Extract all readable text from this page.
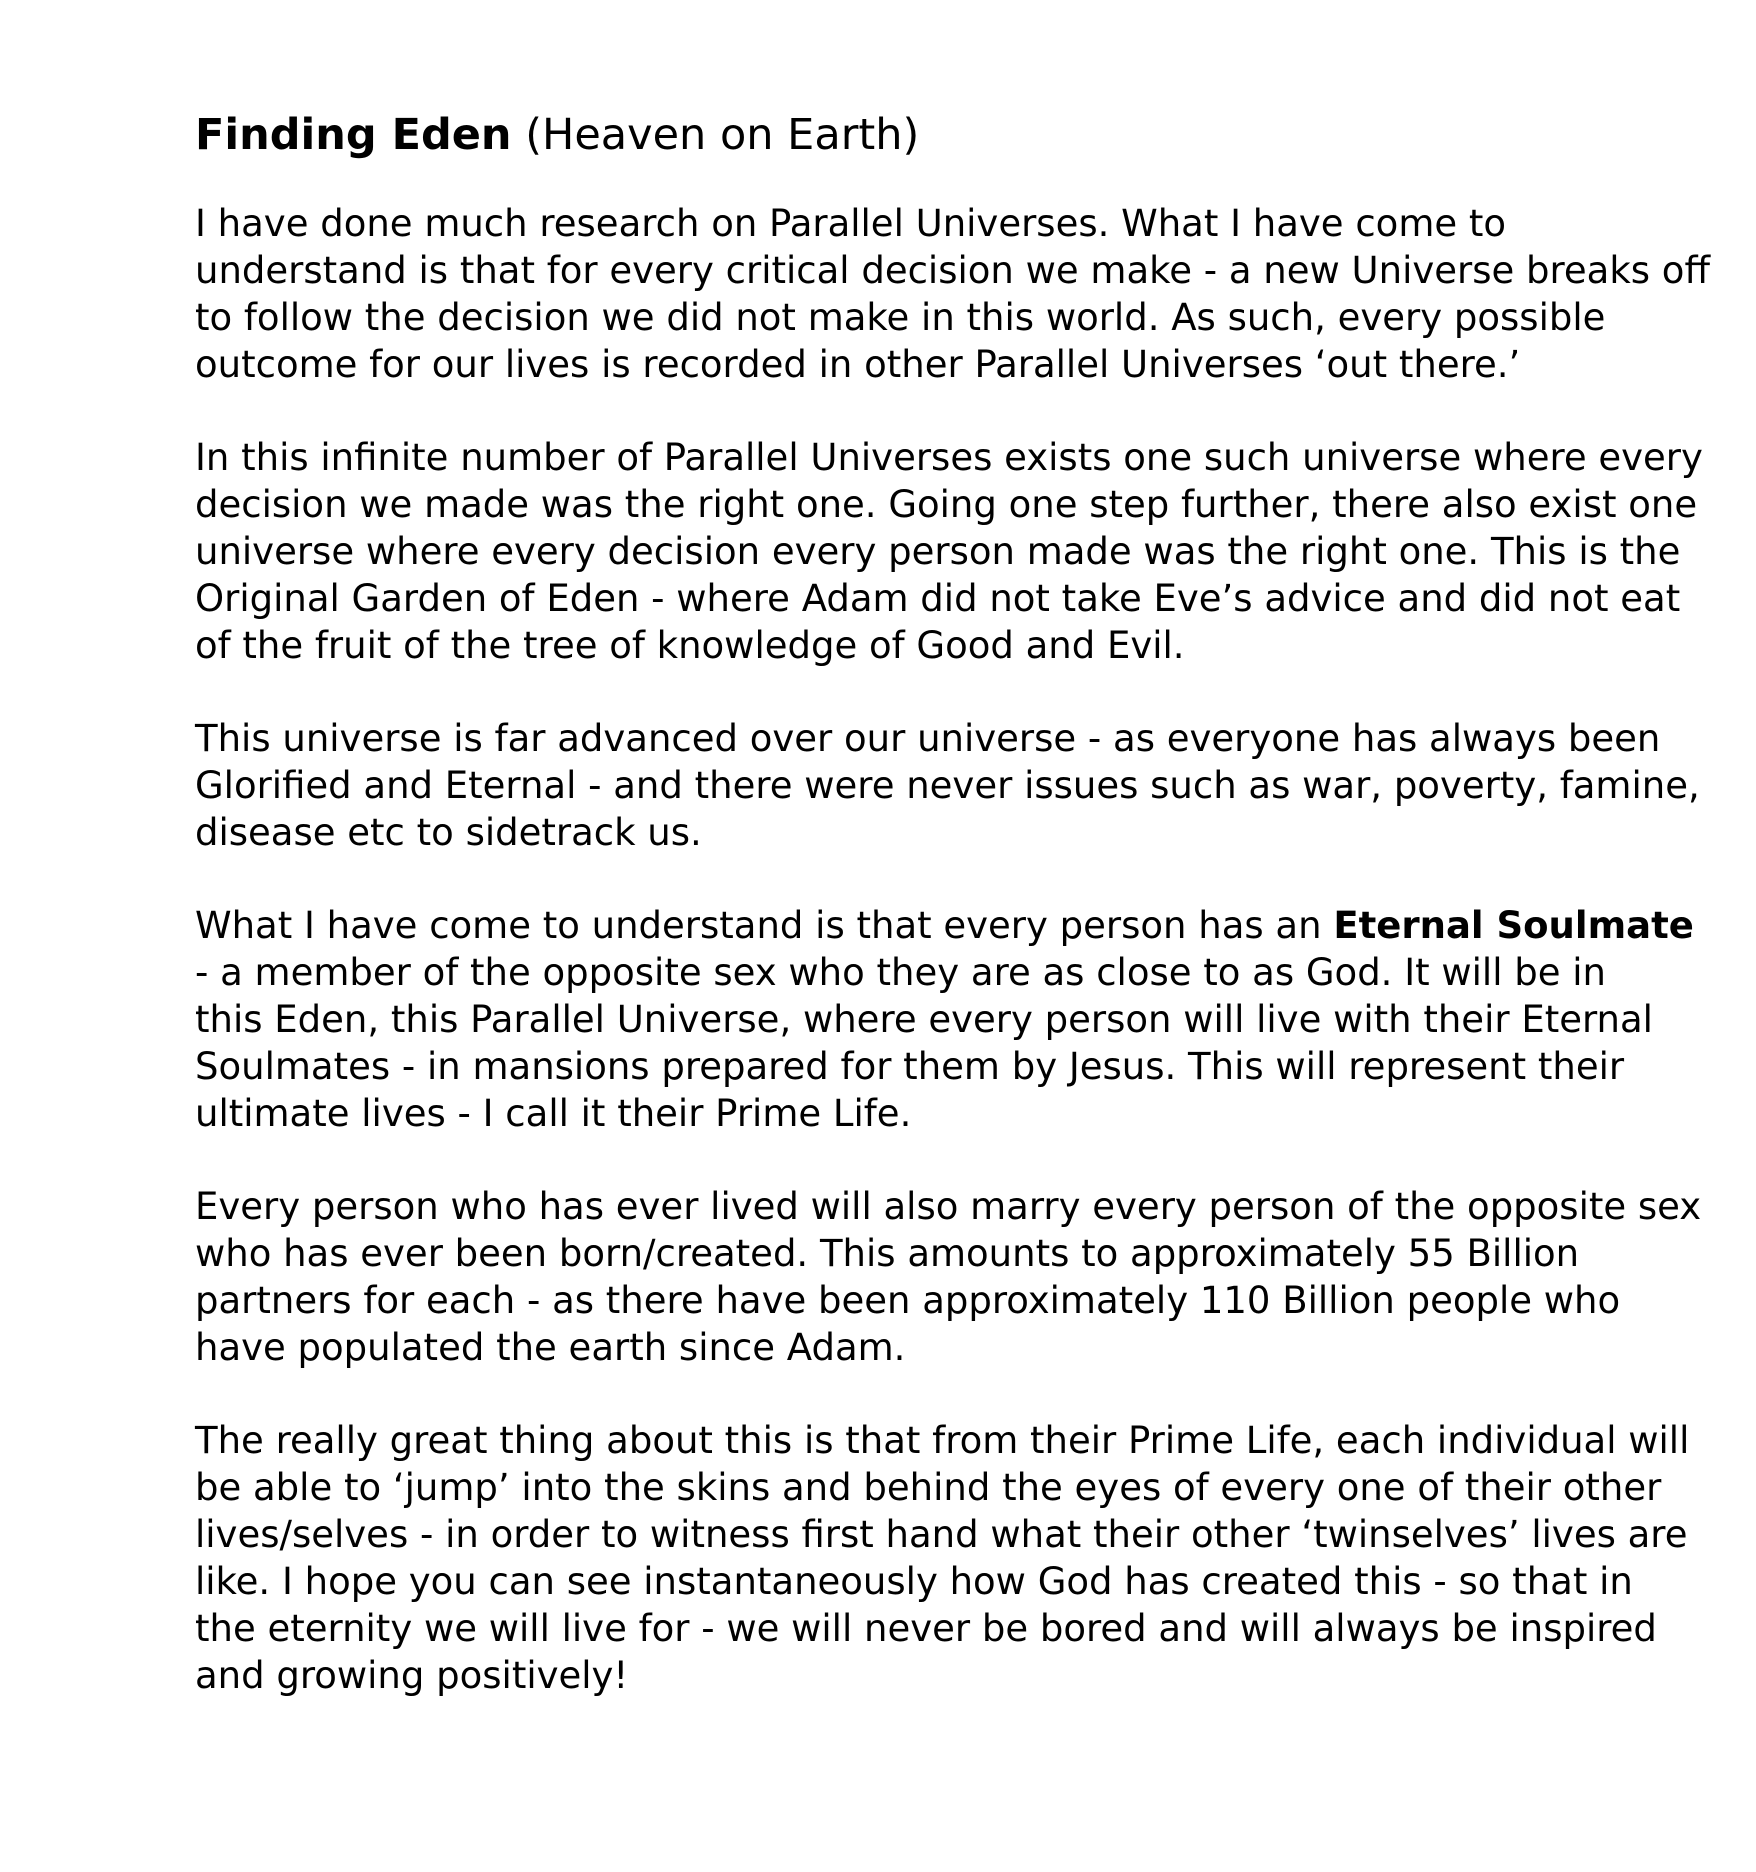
Finding Eden (Heaven on Earth)
I have done much research on Parallel Universes. What I have come to
understand is that for every critical decision we make - a new Universe breaks off
to follow the decision we did not make in this world. As such, every possible
outcome for our lives is recorded in other Parallel Universes ‘out there.’
In this infinite number of Parallel Universes exists one such universe where every
decision we made was the right one. Going one step further, there also exist one
universe where every decision every person made was the right one. This is the
Original Garden of Eden - where Adam did not take Eve’s advice and did not eat
of the fruit of the tree of knowledge of Good and Evil.
This universe is far advanced over our universe - as everyone has always been
Glorified and Eternal - and there were never issues such as war, poverty, famine,
disease etc to sidetrack us.
What I have come to understand is that every person has an Eternal Soulmate
- a member of the opposite sex who they are as close to as God. It will be in
this Eden, this Parallel Universe, where every person will live with their Eternal
Soulmates - in mansions prepared for them by Jesus. This will represent their
ultimate lives - I call it their Prime Life.
Every person who has ever lived will also marry every person of the opposite sex
who has ever been born/created. This amounts to approximately 55 Billion
partners for each - as there have been approximately 110 Billion people who
have populated the earth since Adam.
The really great thing about this is that from their Prime Life, each individual will
be able to ‘jump’ into the skins and behind the eyes of every one of their other
lives/selves - in order to witness first hand what their other ‘twinselves’ lives are
like. I hope you can see instantaneously how God has created this - so that in
the eternity we will live for - we will never be bored and will always be inspired
and growing positively!
